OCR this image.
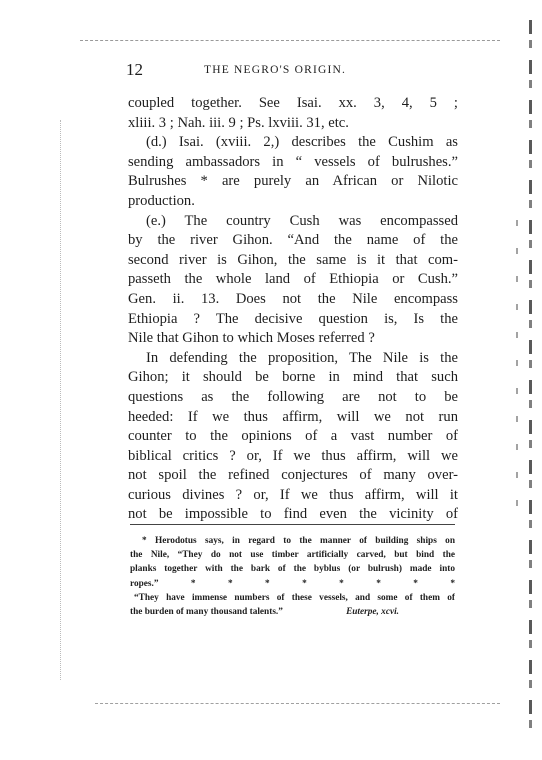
12	THE NEGRO'S ORIGIN.
coupled together. See Isai. xx. 3, 4, 5 ;
xliii. 3 ; Nah. iii. 9 ; Ps. lxviii. 31, etc.
(d.) Isai. (xviii. 2,) describes the Cushim as
sending ambassadors in “ vessels of bulrushes.”
Bulrushes * are purely an African or Nilotic
production.
(e.) The country Cush was encompassed
by the river Gihon. “And the name of the
second river is Gihon, the same is it that com-
passeth the whole land of Ethiopia or Cush.”
Gen. ii. 13. Does not the Nile encompass
Ethiopia ? The decisive question is, Is the
Nile that Gihon to which Moses referred ?
In defending the proposition, The Nile is the
Gihon; it should be borne in mind that such
questions as the following are not to be
heeded: If we thus affirm, will we not run
counter to the opinions of a vast number of
biblical critics ? or, If we thus affirm, will we
not spoil the refined conjectures of many over-
curious divines ? or, If we thus affirm, will it
not be impossible to find even the vicinity of
* Herodotus says, in regard to the manner of building ships on
the Nile, “They do not use timber artificially carved, but bind the
planks together with the bark of the byblus (or bulrush) made into
ropes.”	*	*	*	*	*	*	*	*
“They have immense numbers of these vessels, and some of them of
the burden of many thousand talents.”	Euterpe, xcvi.
